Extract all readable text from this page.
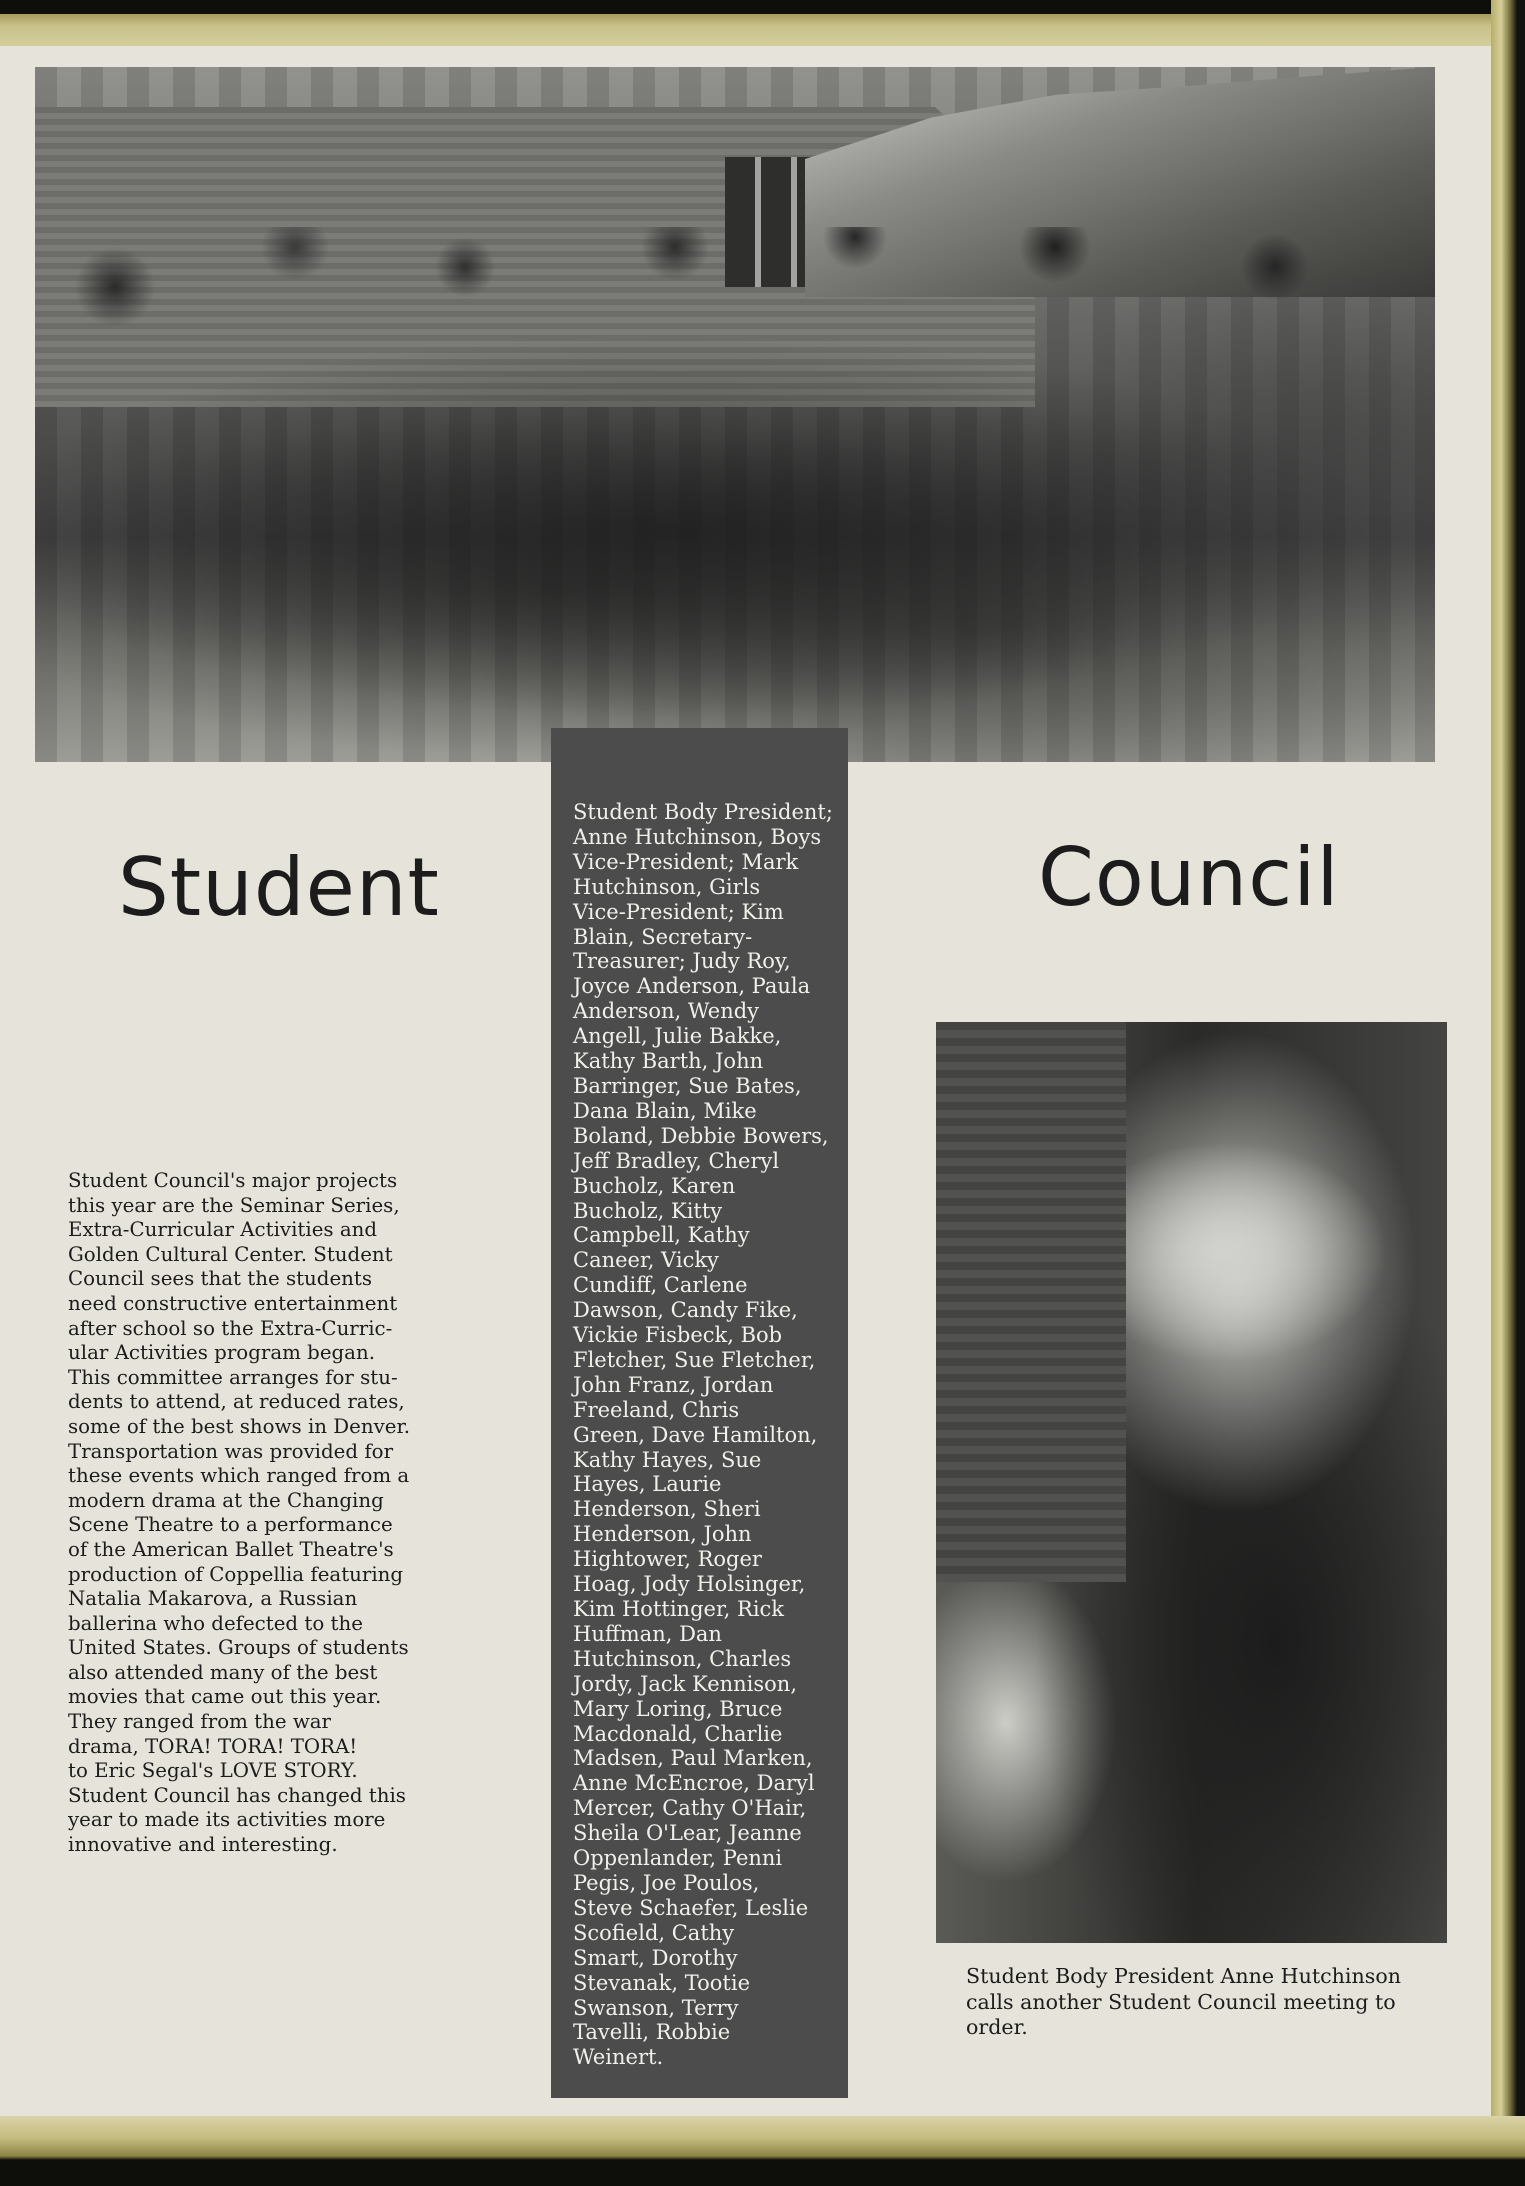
Student	Council
Student Council's major projects
this year are the Seminar Series,
Extra-Curricular Activities and
Golden Cultural Center. Student
Council sees that the students
need constructive entertainment
after school so the Extra-Curric-
ular Activities program began.
This committee arranges for stu-
dents to attend, at reduced rates,
some of the best shows in Denver.
Transportation was provided for
these events which ranged from a
modern drama at the Changing
Scene Theatre to a performance
of the American Ballet Theatre's
production of Coppellia featuring
Natalia Makarova, a Russian
ballerina who defected to the
United States. Groups of students
also attended many of the best
movies that came out this year.
They ranged from the war
drama, TORA! TORA! TORA!
to Eric Segal's LOVE STORY.
Student Council has changed this
year to made its activities more
innovative and interesting.
Student Body President;
Anne Hutchinson, Boys
Vice-President; Mark
Hutchinson, Girls
Vice-President; Kim
Blain, Secretary-
Treasurer; Judy Roy,
Joyce Anderson, Paula
Anderson, Wendy
Angell, Julie Bakke,
Kathy Barth, John
Barringer, Sue Bates,
Dana Blain, Mike
Boland, Debbie Bowers,
Jeff Bradley, Cheryl
Bucholz, Karen
Bucholz, Kitty
Campbell, Kathy
Caneer, Vicky
Cundiff, Carlene
Dawson, Candy Fike,
Vickie Fisbeck, Bob
Fletcher, Sue Fletcher,
John Franz, Jordan
Freeland, Chris
Green, Dave Hamilton,
Kathy Hayes, Sue
Hayes, Laurie
Henderson, Sheri
Henderson, John
Hightower, Roger
Hoag, Jody Holsinger,
Kim Hottinger, Rick
Huffman, Dan
Hutchinson, Charles
Jordy, Jack Kennison,
Mary Loring, Bruce
Macdonald, Charlie
Madsen, Paul Marken,
Anne McEncroe, Daryl
Mercer, Cathy O'Hair,
Sheila O'Lear, Jeanne
Oppenlander, Penni
Pegis, Joe Poulos,
Steve Schaefer, Leslie
Scofield, Cathy
Smart, Dorothy
Stevanak, Tootie
Swanson, Terry
Tavelli, Robbie
Weinert.
Student Body President Anne Hutchinson
calls another Student Council meeting to
order.
